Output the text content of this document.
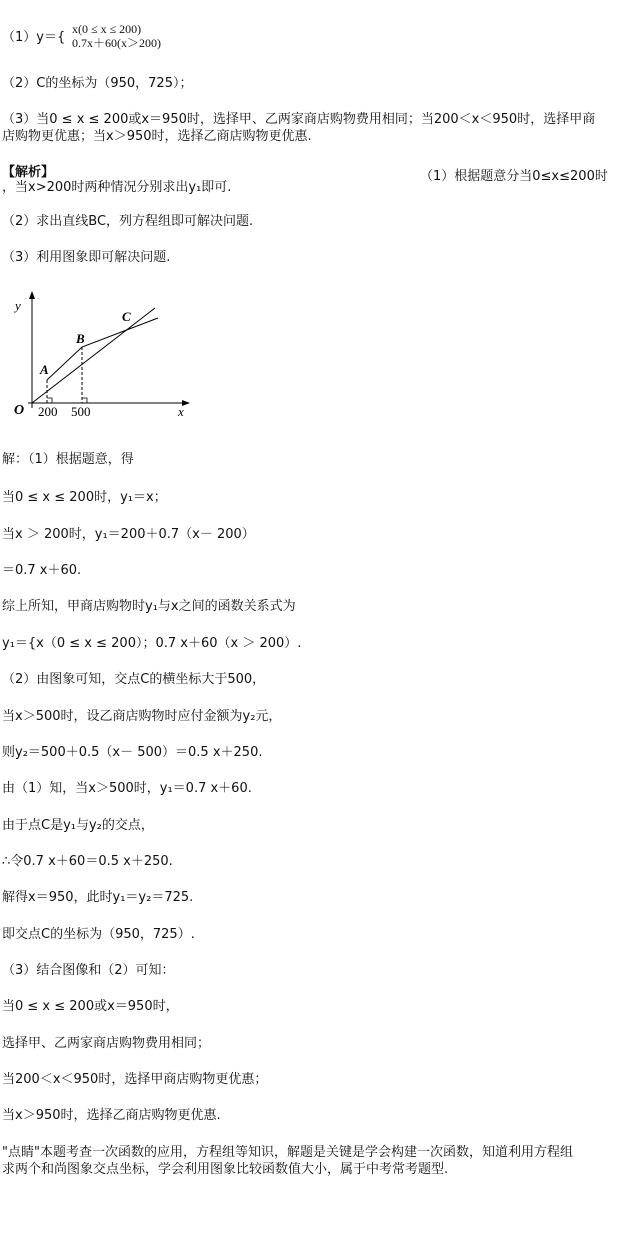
（1）y＝{
x(0 ≤ x ≤ 200)
0.7x＋60(x＞200)
（2）C的坐标为（950，725）；
（3）当0 ≤ x ≤ 200或x＝950时，选择甲、乙两家商店购物费用相同；当200＜x＜950时，选择甲商
店购物更优惠；当x＞950时，选择乙商店购物更优惠.
【解析】	（1）根据题意分当0≤x≤200时
，当x>200时两种情况分别求出y₁即可.
（2）求出直线BC，列方程组即可解决问题.
（3）利用图象即可解决问题.
y
x
O
A
B
C
200 500
解：（1）根据题意，得
当0 ≤ x ≤ 200时，y₁＝x；
当x ＞ 200时，y₁＝200＋0.7（x－ 200）
＝0.7 x＋60.
综上所知，甲商店购物时y₁与x之间的函数关系式为
y₁＝{x（0 ≤ x ≤ 200）；0.7 x＋60（x ＞ 200）.
（2）由图象可知，交点C的横坐标大于500，
当x＞500时，设乙商店购物时应付金额为y₂元，
则y₂＝500＋0.5（x－ 500）＝0.5 x＋250.
由（1）知，当x＞500时，y₁＝0.7 x＋60.
由于点C是y₁与y₂的交点，
∴令0.7 x＋60＝0.5 x＋250.
解得x＝950，此时y₁＝y₂＝725.
即交点C的坐标为（950，725）.
（3）结合图像和（2）可知：
当0 ≤ x ≤ 200或x＝950时，
选择甲、乙两家商店购物费用相同；
当200＜x＜950时，选择甲商店购物更优惠；
当x＞950时，选择乙商店购物更优惠.
"点睛"本题考查一次函数的应用，方程组等知识，解题是关键是学会构建一次函数，知道利用方程组
求两个和尚图象交点坐标，学会利用图象比较函数值大小，属于中考常考题型.
